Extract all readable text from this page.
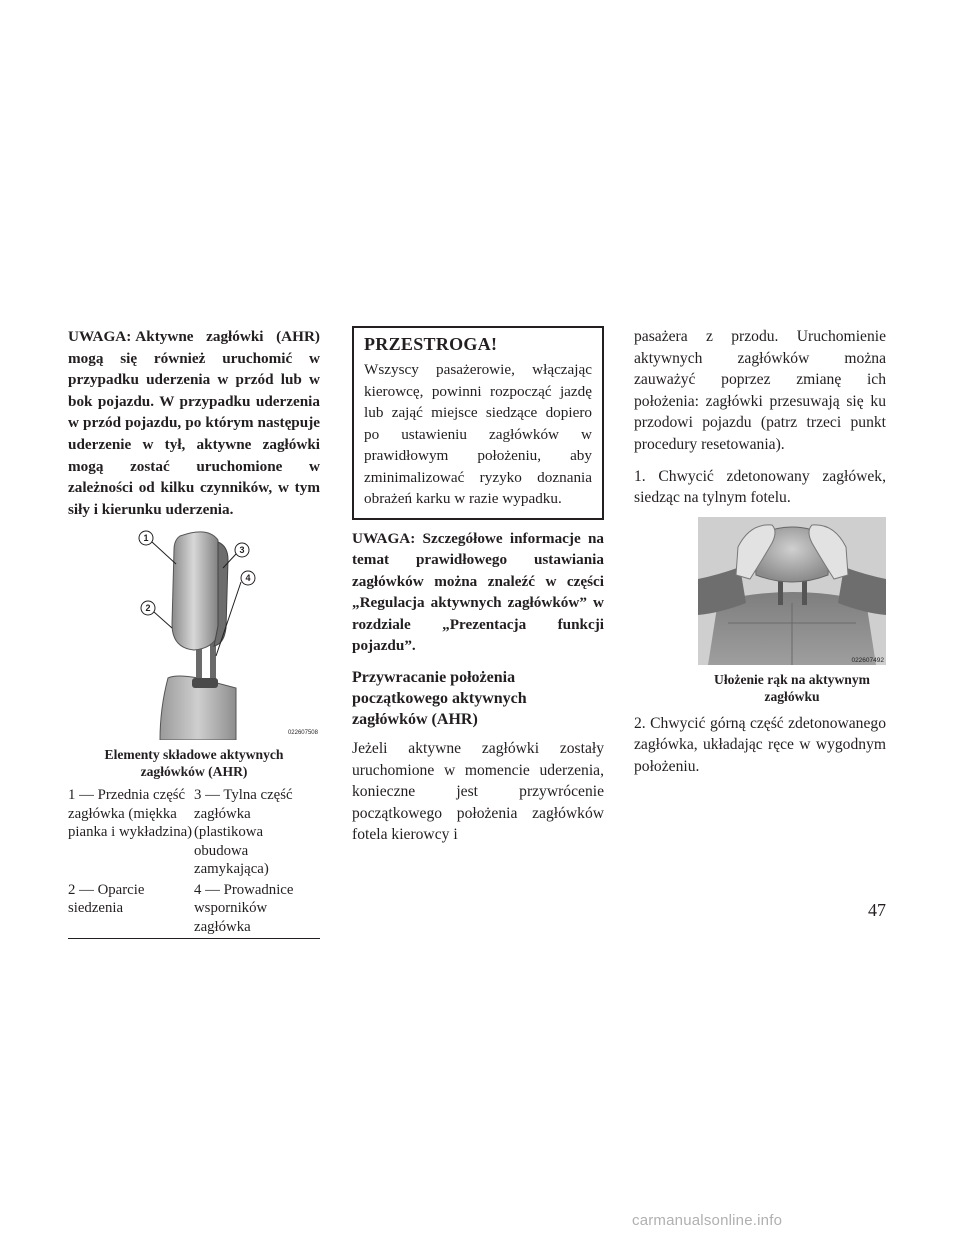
UWAGA: Aktywne zagłówki (AHR) mogą się również uruchomić w przypadku uderzenia w przód lub w bok pojazdu. W przypadku uderzenia w przód pojazdu, po którym następuje uderzenie w tył, aktywne zagłówki mogą zostać uruchomione w zależności od kilku czynników, w tym siły i kierunku uderzenia.

1
2
3
4
022607508
Elementy składowe aktywnych
zagłówków (AHR)
1 — Przednia część zagłówka (miękka pianka i wykładzina)	3 — Tylna część zagłówka (plastikowa obudowa zamykająca)
2 — Oparcie siedzenia	4 — Prowadnice wsporników zagłówka
PRZESTROGA!

Wszyscy pasażerowie, włączając kierowcę, powinni rozpocząć jazdę lub zająć miejsce siedzące dopiero po ustawieniu zagłówków w prawidłowym położeniu, aby zminimalizować ryzyko doznania obrażeń karku w razie wypadku.

UWAGA: Szczegółowe informacje na temat prawidłowego ustawiania zagłówków można znaleźć w części „Regulacja aktywnych zagłówków” w rozdziale „Prezentacja funkcji pojazdu”.

Przywracanie położenia początkowego aktywnych zagłówków (AHR)

Jeżeli aktywne zagłówki zostały uruchomione w momencie uderzenia, konieczne jest przywrócenie początkowego położenia zagłówków fotela kierowcy i

pasażera z przodu. Uruchomienie aktywnych zagłówków można zauważyć poprzez zmianę ich położenia: zagłówki przesuwają się ku przodowi pojazdu (patrz trzeci punkt procedury resetowania).

1. Chwycić zdetonowany zagłówek, siedząc na tylnym fotelu.

022607492
Ułożenie rąk na aktywnym zagłówku

2. Chwycić górną część zdetonowanego zagłówka, układając ręce w wygodnym położeniu.

47
carmanualsonline.info
